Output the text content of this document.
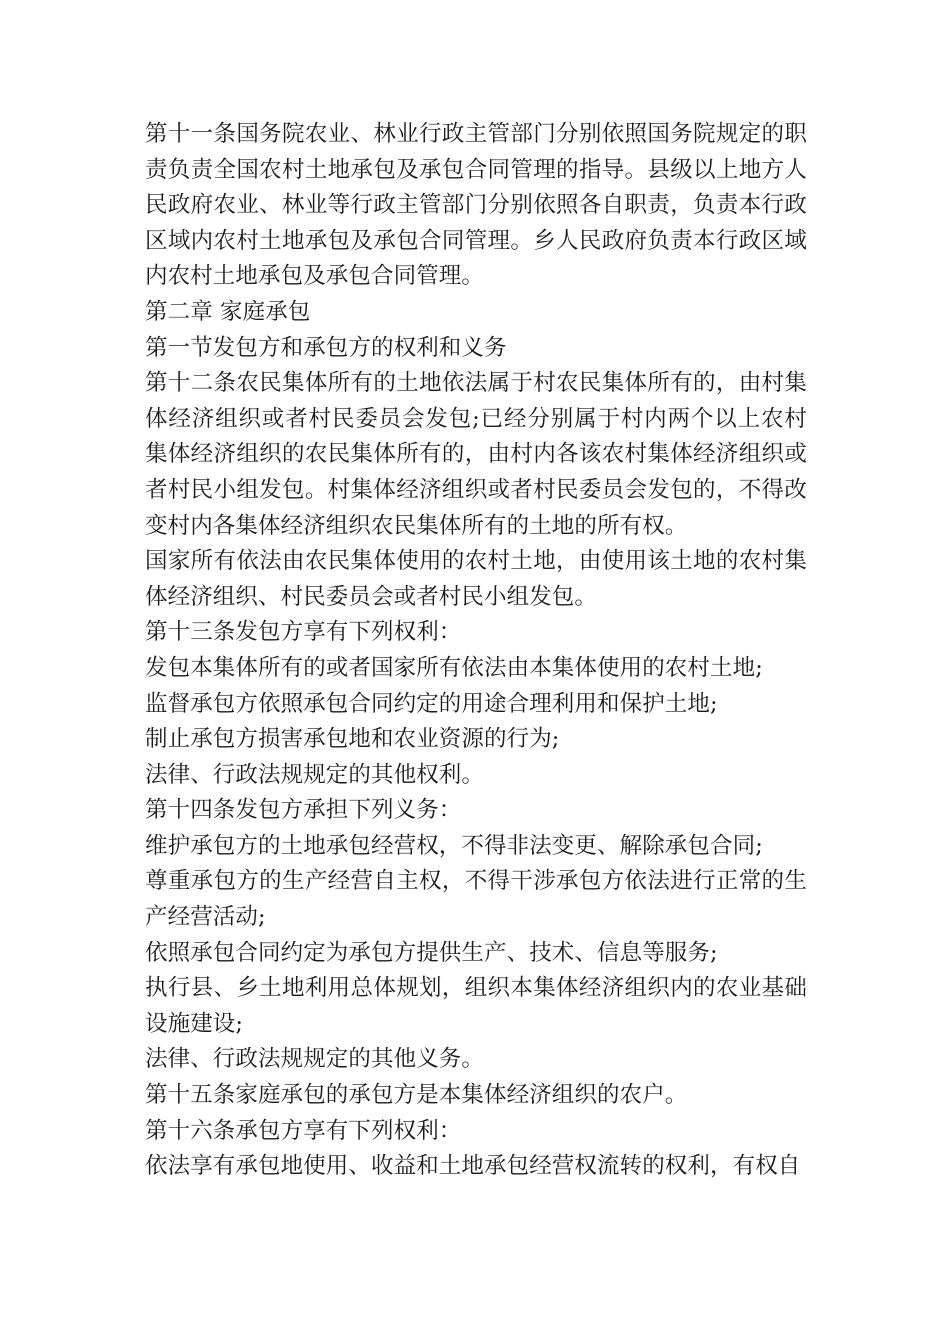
第十一条国务院农业、林业行政主管部门分别依照国务院规定的职责负责全国农村土地承包及承包合同管理的指导。县级以上地方人民政府农业、林业等行政主管部门分别依照各自职责，负责本行政区域内农村土地承包及承包合同管理。乡人民政府负责本行政区域内农村土地承包及承包合同管理。

第二章 家庭承包

第一节发包方和承包方的权利和义务

第十二条农民集体所有的土地依法属于村农民集体所有的，由村集体经济组织或者村民委员会发包;已经分别属于村内两个以上农村集体经济组织的农民集体所有的，由村内各该农村集体经济组织或者村民小组发包。村集体经济组织或者村民委员会发包的，不得改变村内各集体经济组织农民集体所有的土地的所有权。

国家所有依法由农民集体使用的农村土地，由使用该土地的农村集体经济组织、村民委员会或者村民小组发包。

第十三条发包方享有下列权利：

发包本集体所有的或者国家所有依法由本集体使用的农村土地;

监督承包方依照承包合同约定的用途合理利用和保护土地;

制止承包方损害承包地和农业资源的行为;

法律、行政法规规定的其他权利。

第十四条发包方承担下列义务：

维护承包方的土地承包经营权，不得非法变更、解除承包合同;

尊重承包方的生产经营自主权，不得干涉承包方依法进行正常的生产经营活动;

依照承包合同约定为承包方提供生产、技术、信息等服务;

执行县、乡土地利用总体规划，组织本集体经济组织内的农业基础设施建设;

法律、行政法规规定的其他义务。

第十五条家庭承包的承包方是本集体经济组织的农户。

第十六条承包方享有下列权利：

依法享有承包地使用、收益和土地承包经营权流转的权利，有权自
